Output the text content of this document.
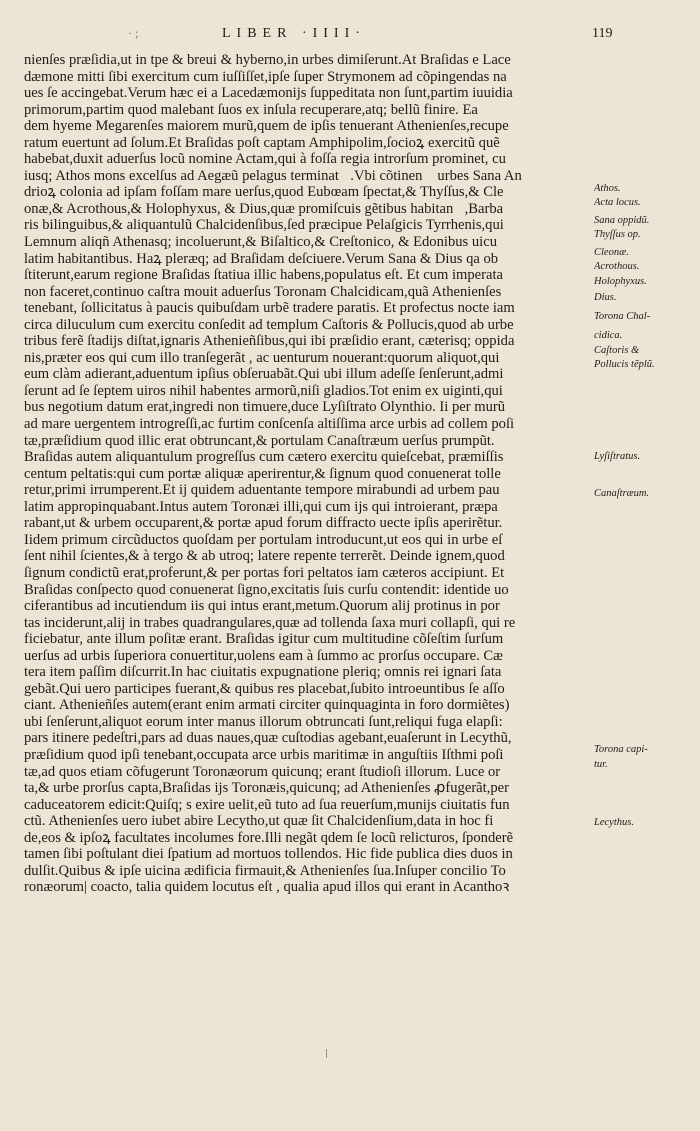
· ;	LIBER ·IIII·	119
nienſes præſidia,ut in tpe & breui & hyberno,in urbes dimiſerunt.At Braſidas e Lace
dæmone mitti ſibi exercitum cum iuſſiſſet,ipſe ſuper Strymonem ad cõpingendas na
ues ſe accingebat.Verum hæc ei a Lacedæmonijs ſuppeditata non ſunt,partim iuuidia
primorum,partim quod malebant ſuos ex inſula recuperare,atq; bellũ finire. Ea
dem hyeme Megarenſes maiorem murũ,quem de ipſis tenuerant Athenienſes,recupe
ratum euertunt ad ſolum.Et Braſidas poſt captam Amphipolim,ſocioꝝ exercitũ quẽ
habebat,duxit aduerſus locũ nomine Actam,qui à foſſa regia introrſum prominet, cu
iusq; Athos mons excelſus ad Aegæũ pelagus terminatᷓ.Vbi cõtinenᷓ urbes Sana An
drioꝝ colonia ad ipſam foſſam mare uerſus,quod Eubœam ſpectat,& Thyſſus,& Cle
onæ,& Acrothous,& Holophyxus, & Dius,quæ promiſcuis gẽtibus habitanᷓ,Barba
ris bilinguibus,& aliquantulũ Chalcidenſibus,ſed præcipue Pelaſgicis Tyrrhenis,qui
Lemnum aliqñ Athenasq; incoluerunt,& Biſaltico,& Creſtonico, & Edonibus uicu
latim habitantibus. Haꝝ pleræq; ad Braſidam deſciuere.Verum Sana & Dius qa ob
ſtiterunt,earum regione Braſidas ſtatiua illic habens,populatus eſt. Et cum imperata
non faceret,continuo caſtra mouit aduerſus Toronam Chalcidicam,quã Athenienſes
tenebant, ſollicitatus à paucis quibuſdam urbẽ tradere paratis. Et profectus nocte iam
circa diluculum cum exercitu conſedit ad templum Caſtoris & Pollucis,quod ab urbe
tribus ferẽ ſtadijs diſtat,ignaris Athenieñſibus,qui ibi præſidio erant, cæterisq; oppida
nis,præter eos qui cum illo tranſegerãt , ac uenturum nouerant:quorum aliquot,qui
eum clàm adierant,aduentum ipſius obſeruabãt.Qui ubi illum adeſſe ſenſerunt,admi
ſerunt ad ſe ſeptem uiros nihil habentes armorũ,niſi gladios.Tot enim ex uiginti,qui
bus negotium datum erat,ingredi non timuere,duce Lyſiſtrato Olynthio. Ii per murũ
ad mare uergentem introgreſſi,ac furtim conſcenſa altiſſima arce urbis ad collem poſi
tæ,præſidium quod illic erat obtruncant,& portulam Canaſtræum uerſus prumpũt.
Braſidas autem aliquantulum progreſſus cum cætero exercitu quieſcebat, præmiſſis
centum peltatis:qui cum portæ aliquæ aperirentur,& ſignum quod conuenerat tolle
retur,primi irrumperent.Et ij quidem aduentante tempore mirabundi ad urbem pau
latim appropinquabant.Intus autem Toronæi illi,qui cum ijs qui introierant, præpa
rabant,ut & urbem occuparent,& portæ apud forum diffracto uecte ipſis aperirẽtur.
Iidem primum circũductos quoſdam per portulam introducunt,ut eos qui in urbe eſ
ſent nihil ſcientes,& à tergo & ab utroq; latere repente terrerẽt. Deinde ignem,quod
ſignum condictũ erat,proferunt,& per portas fori peltatos iam cæteros accipiunt. Et
Braſidas conſpecto quod conuenerat ſigno,excitatis ſuis curſu contendit: identide uo
ciferantibus ad incutiendum iis qui intus erant,metum.Quorum alij protinus in por
tas inciderunt,alij in trabes quadrangulares,quæ ad tollenda ſaxa muri collapſi, qui re
ficiebatur, ante illum poſitæ erant. Braſidas igitur cum multitudine cõſeſtim ſurſum
uerſus ad urbis ſuperiora conuertitur,uolens eam à ſummo ac prorſus occupare. Cæ
tera item paſſim diſcurrit.In hac ciuitatis expugnatione pleriq; omnis rei ignari ſata
gebãt.Qui uero participes fuerant,& quibus res placebat,ſubito introeuntibus ſe aſſo
ciant. Athenieñſes autem(erant enim armati circiter quinquaginta in foro dormiẽtes)
ubi ſenſerunt,aliquot eorum inter manus illorum obtruncati ſunt,reliqui fuga elapſi:
pars itinere pedeſtri,pars ad duas naues,quæ cuſtodias agebant,euaſerunt in Lecythũ,
præſidium quod ipſi tenebant,occupata arce urbis maritimæ in anguſtiis Iſthmi poſi
tæ,ad quos etiam cõfugerunt Toronæorum quicunq; erant ſtudioſi illorum. Luce or
ta,& urbe prorſus capta,Braſidas ijs Toronæis,quicunq; ad Athenienſes ꝓfugerãt,per
caduceatorem edicit:Quiſq; s exire uelit,eũ tuto ad ſua reuerſum,munijs ciuitatis fun
ctũ. Athenienſes uero iubet abire Lecytho,ut quæ ſit Chalcidenſium,data in hoc fi
de,eos & ipſoꝝ facultates incolumes fore.Illi negãt qdem ſe locũ relicturos, ſponderẽ
tamen ſibi poſtulant diei ſpatium ad mortuos tollendos. Hic fide publica dies duos in
dulſit.Quibus & ipſe uicina ædificia firmauit,& Athenienſes ſua.Inſuper concilio To
ronæorum| coacto, talia quidem locutus eſt , qualia apud illos qui erant in Acanthoꝛ
Athos.
Acta locus.
Sana oppidũ.
Thyſſus op.
Cleonæ.
Acrothous.
Holophyxus.
Dius.
Torona Chal-
cidica.
Caſtoris &
Pollucis tẽplũ.
Lyſiſtratus.
Canaſtræum.
Torona capi-
tur.
Lecythus.
